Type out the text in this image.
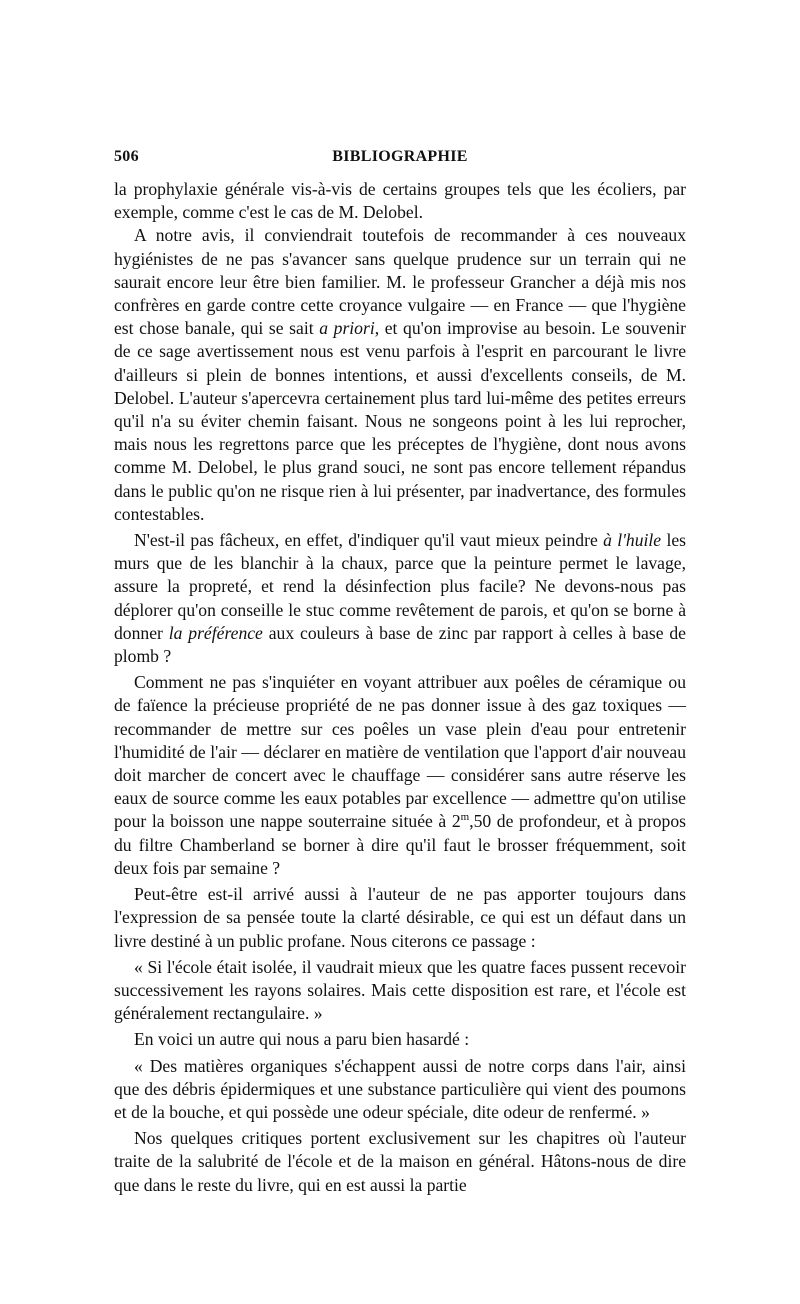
506	BIBLIOGRAPHIE

la prophylaxie générale vis-à-vis de certains groupes tels que les écoliers, par exemple, comme c'est le cas de M. Delobel.

A notre avis, il conviendrait toutefois de recommander à ces nouveaux hygiénistes de ne pas s'avancer sans quelque prudence sur un terrain qui ne saurait encore leur être bien familier. M. le professeur Grancher a déjà mis nos confrères en garde contre cette croyance vulgaire — en France — que l'hygiène est chose banale, qui se sait a priori, et qu'on improvise au besoin. Le souvenir de ce sage avertissement nous est venu parfois à l'esprit en parcourant le livre d'ailleurs si plein de bonnes intentions, et aussi d'excellents conseils, de M. Delobel. L'auteur s'apercevra certainement plus tard lui-même des petites erreurs qu'il n'a su éviter chemin faisant. Nous ne songeons point à les lui reprocher, mais nous les regrettons parce que les préceptes de l'hygiène, dont nous avons comme M. Delobel, le plus grand souci, ne sont pas encore tellement répandus dans le public qu'on ne risque rien à lui présenter, par inadvertance, des formules contestables.

N'est-il pas fâcheux, en effet, d'indiquer qu'il vaut mieux peindre à l'huile les murs que de les blanchir à la chaux, parce que la peinture permet le lavage, assure la propreté, et rend la désinfection plus facile? Ne devons-nous pas déplorer qu'on conseille le stuc comme revêtement de parois, et qu'on se borne à donner la préférence aux couleurs à base de zinc par rapport à celles à base de plomb ?

Comment ne pas s'inquiéter en voyant attribuer aux poêles de céramique ou de faïence la précieuse propriété de ne pas donner issue à des gaz toxiques — recommander de mettre sur ces poêles un vase plein d'eau pour entretenir l'humidité de l'air — déclarer en matière de ventilation que l'apport d'air nouveau doit marcher de concert avec le chauffage — considérer sans autre réserve les eaux de source comme les eaux potables par excellence — admettre qu'on utilise pour la boisson une nappe souterraine située à 2$^m$,50 de profondeur, et à propos du filtre Chamberland se borner à dire qu'il faut le brosser fréquemment, soit deux fois par semaine ?

Peut-être est-il arrivé aussi à l'auteur de ne pas apporter toujours dans l'expression de sa pensée toute la clarté désirable, ce qui est un défaut dans un livre destiné à un public profane. Nous citerons ce passage :

« Si l'école était isolée, il vaudrait mieux que les quatre faces pussent recevoir successivement les rayons solaires. Mais cette disposition est rare, et l'école est généralement rectangulaire. »

En voici un autre qui nous a paru bien hasardé :

« Des matières organiques s'échappent aussi de notre corps dans l'air, ainsi que des débris épidermiques et une substance particulière qui vient des poumons et de la bouche, et qui possède une odeur spéciale, dite odeur de renfermé. »

Nos quelques critiques portent exclusivement sur les chapitres où l'auteur traite de la salubrité de l'école et de la maison en général. Hâtons-nous de dire que dans le reste du livre, qui en est aussi la partie
